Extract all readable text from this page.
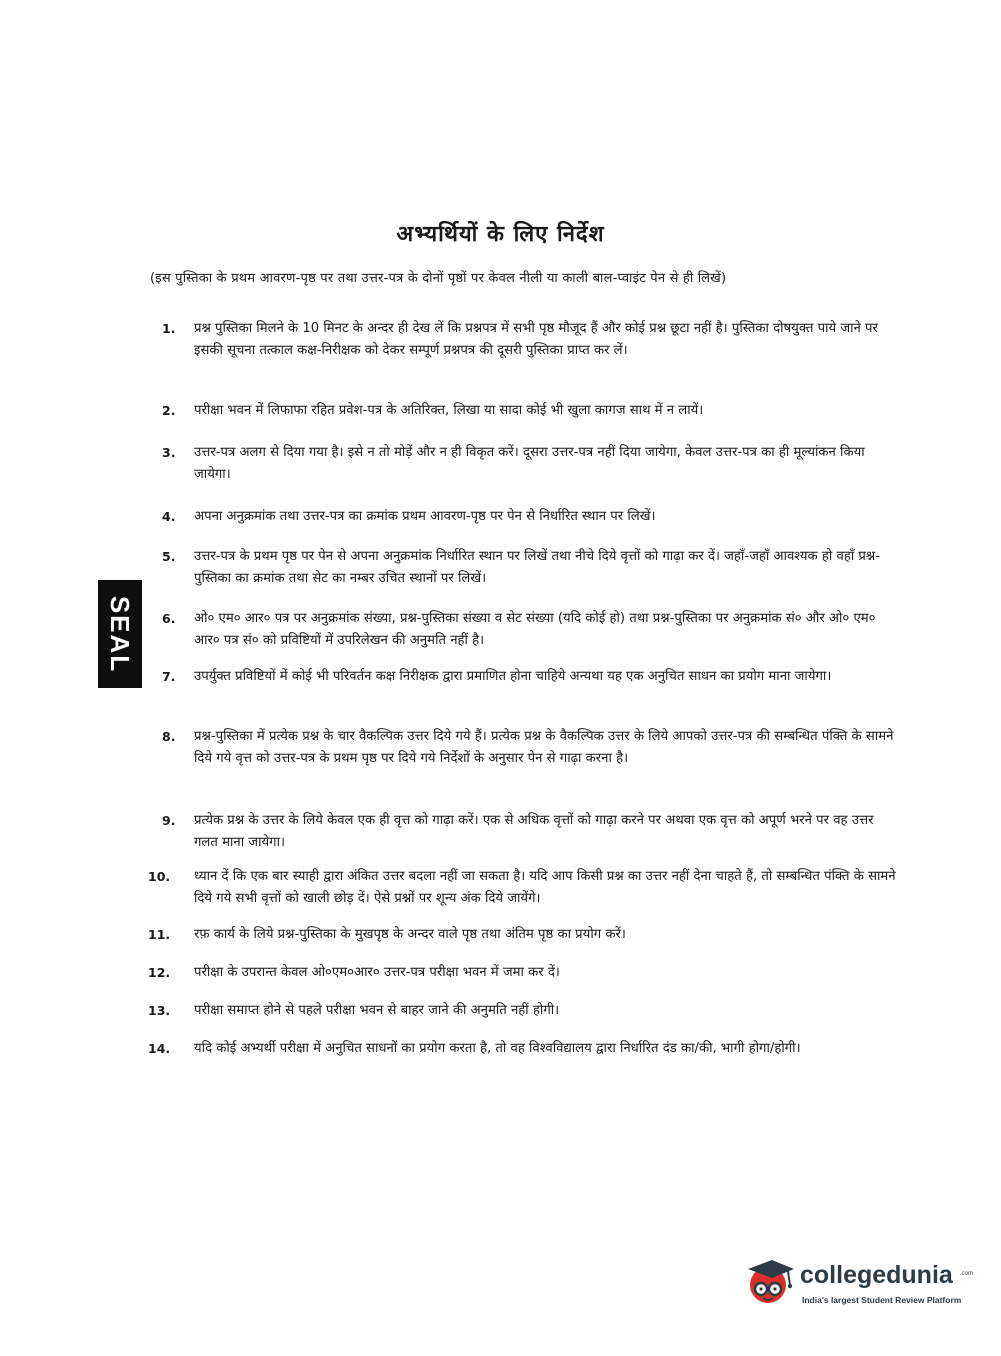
अभ्यर्थियों के लिए निर्देश
(इस पुस्तिका के प्रथम आवरण-पृष्ठ पर तथा उत्तर-पत्र के दोनों पृष्ठों पर केवल नीली या काली बाल-प्वाइंट पेन से ही लिखें)
1. प्रश्न पुस्तिका मिलने के 10 मिनट के अन्दर ही देख लें कि प्रश्नपत्र में सभी पृष्ठ मौजूद हैं और कोई प्रश्न छूटा नहीं है। पुस्तिका दोषयुक्त पाये जाने पर इसकी सूचना तत्काल कक्ष-निरीक्षक को देकर सम्पूर्ण प्रश्नपत्र की दूसरी पुस्तिका प्राप्त कर लें।
2. परीक्षा भवन में लिफाफा रहित प्रवेश-पत्र के अतिरिक्त, लिखा या सादा कोई भी खुला कागज साथ में न लायें।
3. उत्तर-पत्र अलग से दिया गया है। इसे न तो मोड़ें और न ही विकृत करें। दूसरा उत्तर-पत्र नहीं दिया जायेगा, केवल उत्तर-पत्र का ही मूल्यांकन किया जायेगा।
4. अपना अनुक्रमांक तथा उत्तर-पत्र का क्रमांक प्रथम आवरण-पृष्ठ पर पेन से निर्धारित स्थान पर लिखें।
5. उत्तर-पत्र के प्रथम पृष्ठ पर पेन से अपना अनुक्रमांक निर्धारित स्थान पर लिखें तथा नीचे दिये वृत्तों को गाढ़ा कर दें। जहाँ-जहाँ आवश्यक हो वहाँ प्रश्न-पुस्तिका का क्रमांक तथा सेट का नम्बर उचित स्थानों पर लिखें।
6. ओ० एम० आर० पत्र पर अनुक्रमांक संख्या, प्रश्न-पुस्तिका संख्या व सेट संख्या (यदि कोई हो) तथा प्रश्न-पुस्तिका पर अनुक्रमांक सं० और ओ० एम० आर० पत्र सं० को प्रविष्टियों में उपरिलेखन की अनुमति नहीं है।
7. उपर्युक्त प्रविष्टियों में कोई भी परिवर्तन कक्ष निरीक्षक द्वारा प्रमाणित होना चाहिये अन्यथा यह एक अनुचित साधन का प्रयोग माना जायेगा।
8. प्रश्न-पुस्तिका में प्रत्येक प्रश्न के चार वैकल्पिक उत्तर दिये गये हैं। प्रत्येक प्रश्न के वैकल्पिक उत्तर के लिये आपको उत्तर-पत्र की सम्बन्धित पंक्ति के सामने दिये गये वृत्त को उत्तर-पत्र के प्रथम पृष्ठ पर दिये गये निर्देशों के अनुसार पेन से गाढ़ा करना है।
9. प्रत्येक प्रश्न के उत्तर के लिये केवल एक ही वृत्त को गाढ़ा करें। एक से अधिक वृत्तों को गाढ़ा करने पर अथवा एक वृत्त को अपूर्ण भरने पर वह उत्तर गलत माना जायेगा।
10. ध्यान दें कि एक बार स्याही द्वारा अंकित उत्तर बदला नहीं जा सकता है। यदि आप किसी प्रश्न का उत्तर नहीं देना चाहते हैं, तो सम्बन्धित पंक्ति के सामने दिये गये सभी वृत्तों को खाली छोड़ दें। ऐसे प्रश्नों पर शून्य अंक दिये जायेंगे।
11. रफ़ कार्य के लिये प्रश्न-पुस्तिका के मुखपृष्ठ के अन्दर वाले पृष्ठ तथा अंतिम पृष्ठ का प्रयोग करें।
12. परीक्षा के उपरान्त केवल ओ०एम०आर० उत्तर-पत्र परीक्षा भवन में जमा कर दें।
13. परीक्षा समाप्त होने से पहले परीक्षा भवन से बाहर जाने की अनुमति नहीं होगी।
14. यदि कोई अभ्यर्थी परीक्षा में अनुचित साधनों का प्रयोग करता है, तो वह विश्वविद्यालय द्वारा निर्धारित दंड का/की, भागी होगा/होगी।
SEAL
collegedunia .com
India's largest Student Review Platform
